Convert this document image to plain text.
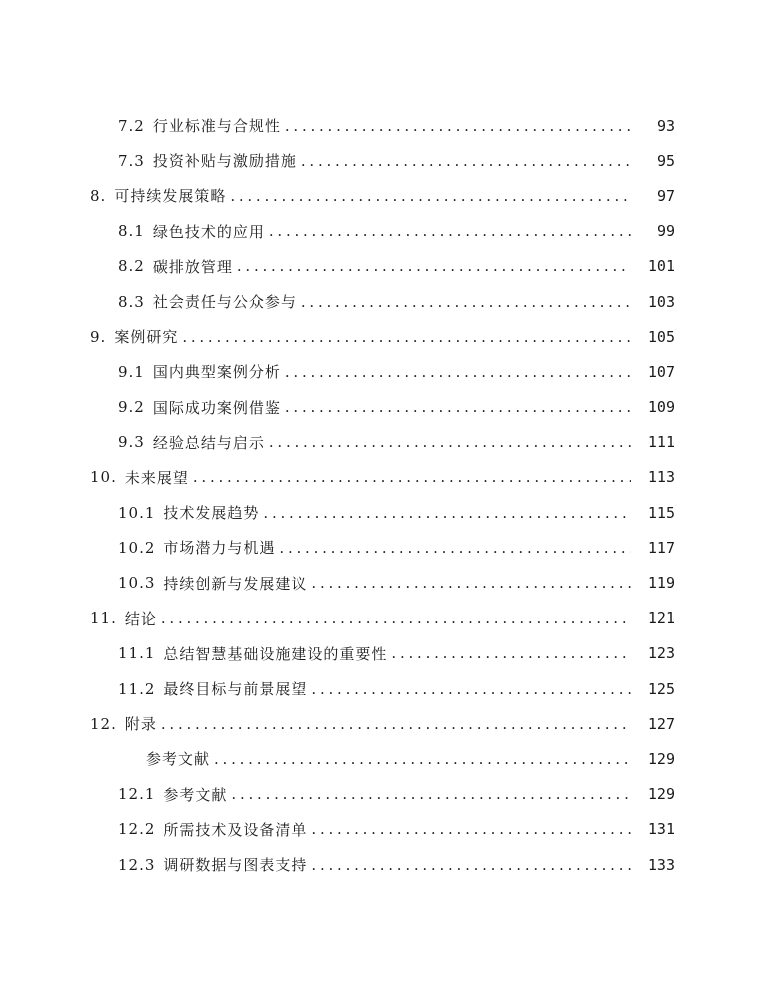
7.2 行业标准与合规性 . . .	93
7.3 投资补贴与激励措施 . . .	95
8. 可持续发展策略 . . .	97
8.1 绿色技术的应用 . . .	99
8.2 碳排放管理 . . .	101
8.3 社会责任与公众参与 . . .	103
9. 案例研究 . . .	105
9.1 国内典型案例分析 . . .	107
9.2 国际成功案例借鉴 . . .	109
9.3 经验总结与启示 . . .	111
10. 未来展望 . . .	113
10.1 技术发展趋势 . . .	115
10.2 市场潜力与机遇 . . .	117
10.3 持续创新与发展建议 . . .	119
11. 结论 . . .	121
11.1 总结智慧基础设施建设的重要性 . . .	123
11.2 最终目标与前景展望 . . .	125
12. 附录 . . .	127
参考文献 . . .	129
12.1 参考文献 . . .	129
12.2 所需技术及设备清单 . . .	131
12.3 调研数据与图表支持 . . .	133
